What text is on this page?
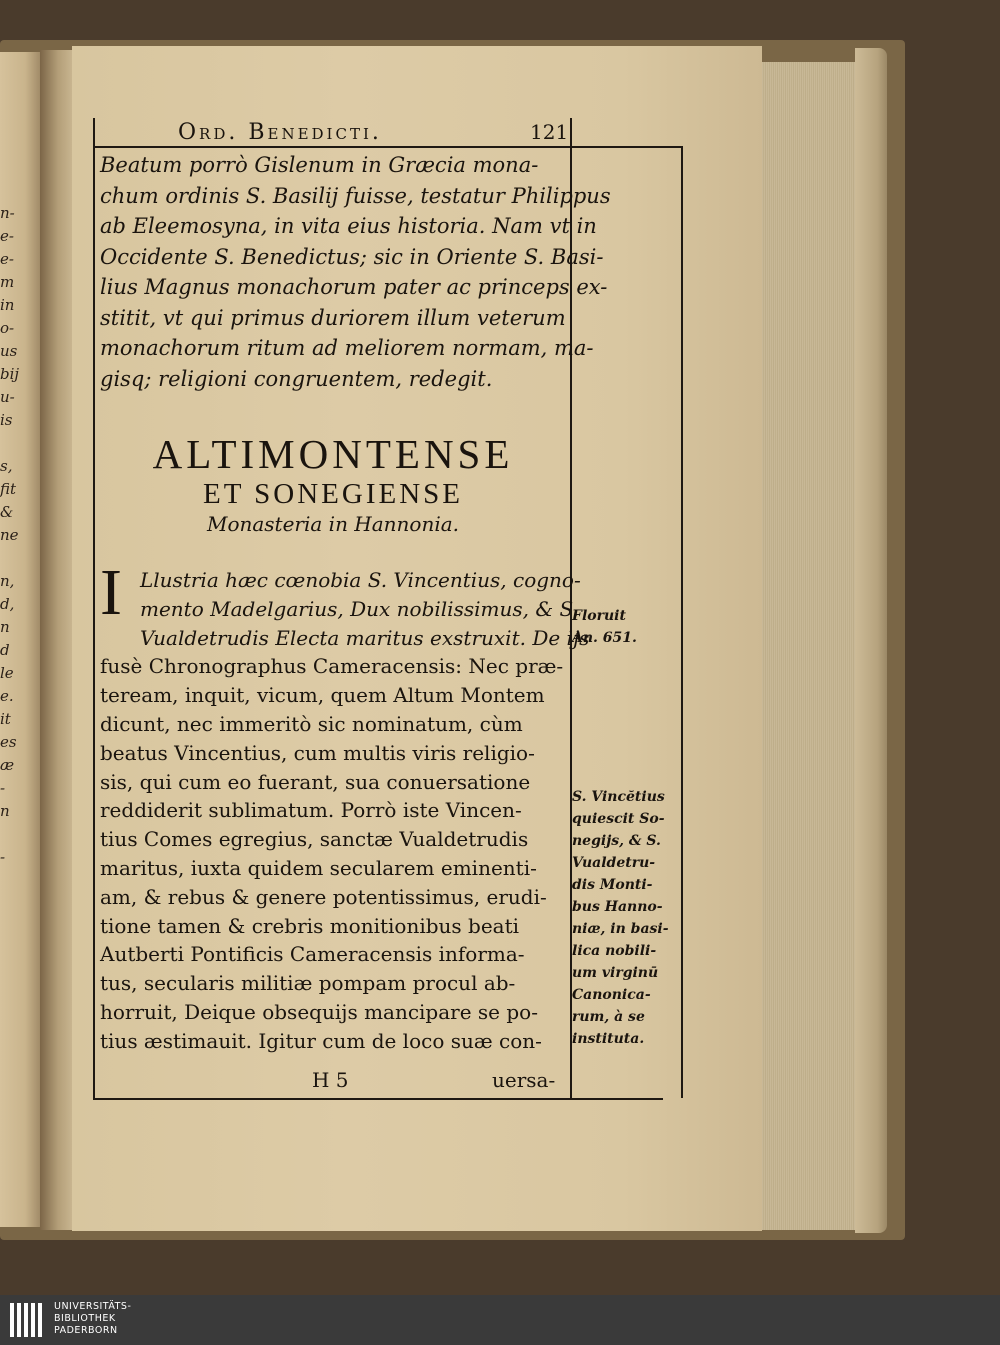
n-
e-
e-
m
in
o-
us
bij
u-
is
s,
fit
&
ne
n,
d,
n
d
le
e.
it
es
æ
-
n
-
Ord. Benedicti.	121
Beatum porrò Gislenum in Græcia mona-
chum ordinis S. Basilij fuisse, testatur Philippus
ab Eleemosyna, in vita eius historia. Nam vt in
Occidente S. Benedictus; sic in Oriente S. Basi-
lius Magnus monachorum pater ac princeps ex-
stitit, vt qui primus duriorem illum veterum
monachorum ritum ad meliorem normam, ma-
gisq; religioni congruentem, redegit.
ALTIMONTENSE
ET SONEGIENSE
Monasteria in Hannonia.
I Llustria hæc cœnobia S. Vincentius, cogno-
mento Madelgarius, Dux nobilissimus, & S.
Vualdetrudis Electa maritus exstruxit. De ijs
fusè Chronographus Cameracensis: Nec præ-
teream, inquit, vicum, quem Altum Montem
dicunt, nec immeritò sic nominatum, cùm
beatus Vincentius, cum multis viris religio-
sis, qui cum eo fuerant, sua conuersatione
reddiderit sublimatum. Porrò iste Vincen-
tius Comes egregius, sanctæ Vualdetrudis
maritus, iuxta quidem secularem eminenti-
am, & rebus & genere potentissimus, erudi-
tione tamen & crebris monitionibus beati
Autberti Pontificis Cameracensis informa-
tus, secularis militiæ pompam procul ab-
horruit, Deique obsequijs mancipare se po-
tius æstimauit. Igitur cum de loco suæ con-
H 5	uersa-
Floruit
An. 651.
S. Vincĕtius
quiescit So-
negijs, & S.
Vualdetru-
dis Monti-
bus Hanno-
niæ, in basi-
lica nobili-
um virginū
Canonica-
rum, à se
instituta.
UNIVERSITÄTS-
BIBLIOTHEK
PADERBORN
